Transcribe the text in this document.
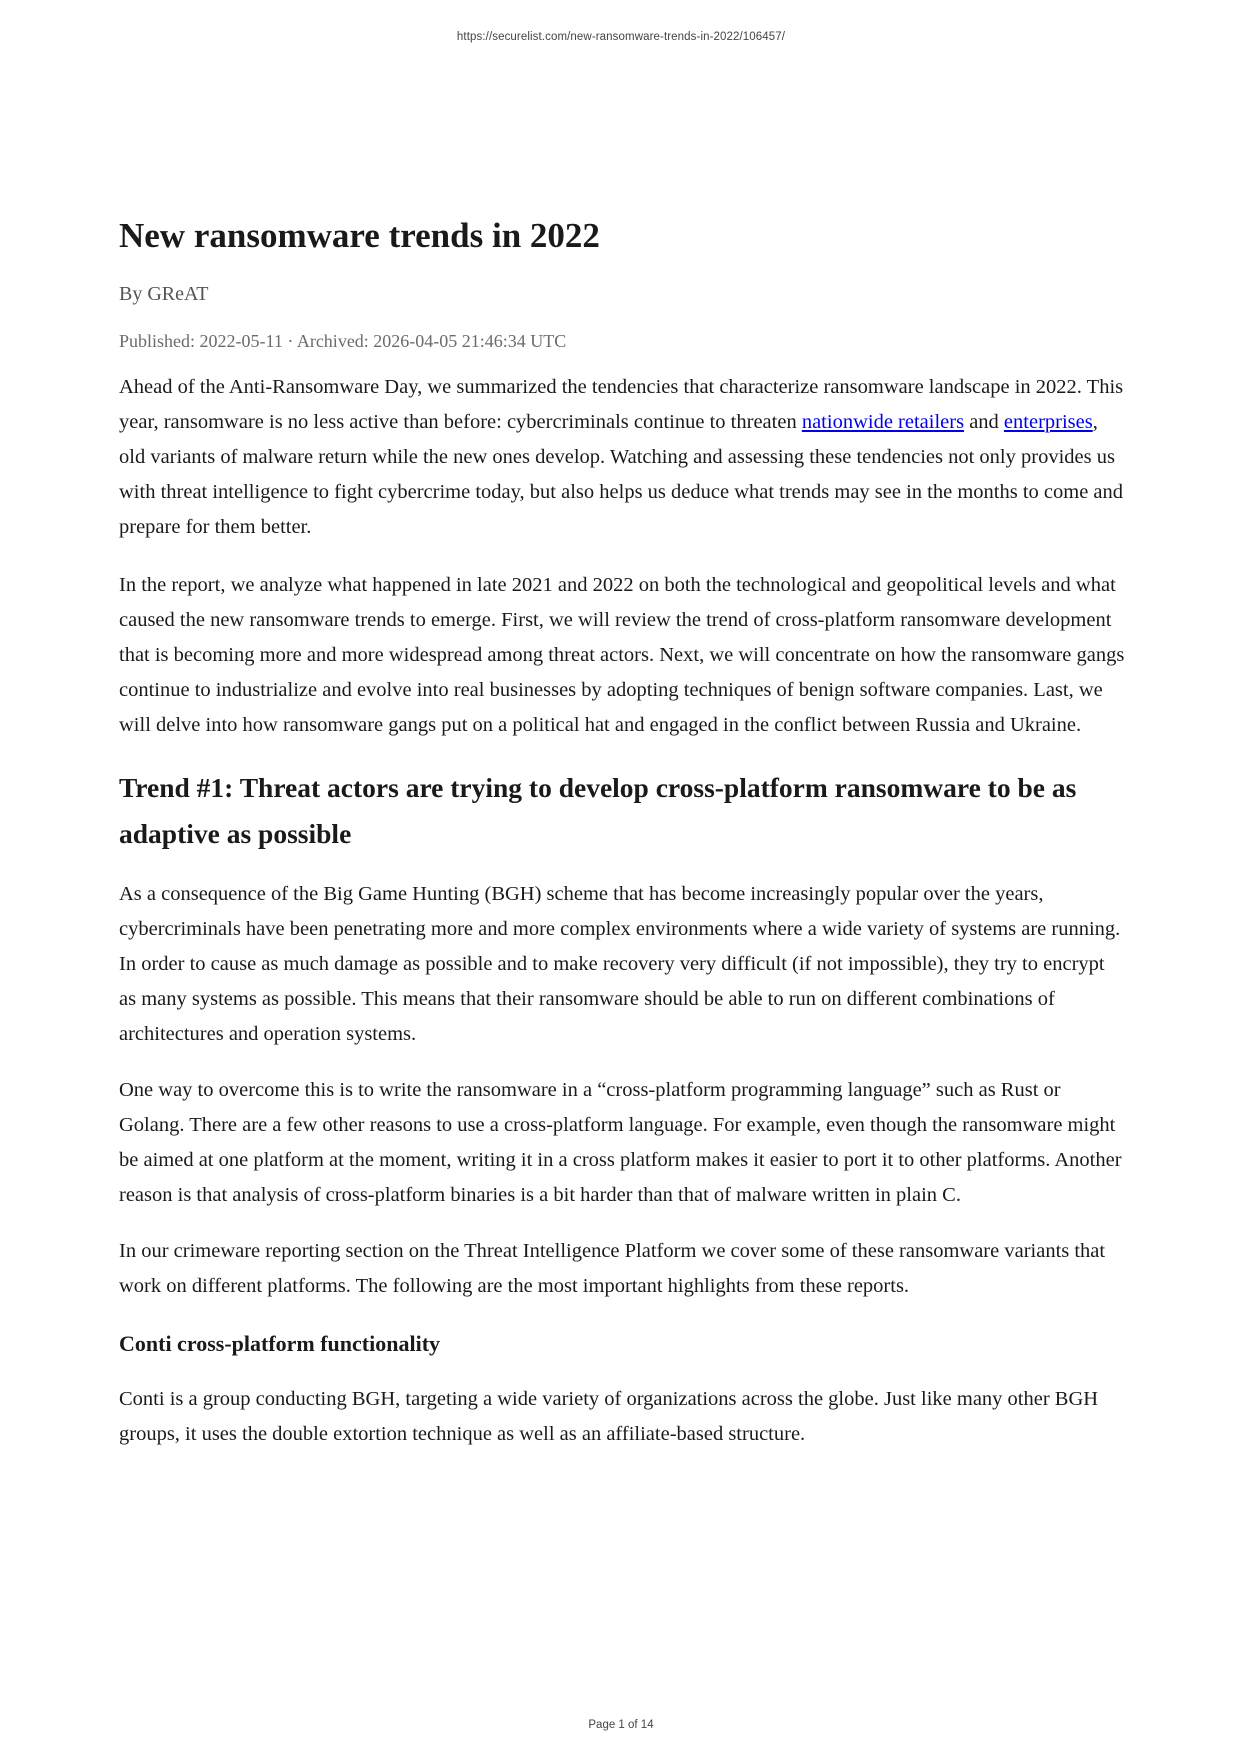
https://securelist.com/new-ransomware-trends-in-2022/106457/
New ransomware trends in 2022
By GReAT
Published: 2022-05-11 · Archived: 2026-04-05 21:46:34 UTC

Ahead of the Anti-Ransomware Day, we summarized the tendencies that characterize ransomware landscape in 2022. This year, ransomware is no less active than before: cybercriminals continue to threaten nationwide retailers and enterprises, old variants of malware return while the new ones develop. Watching and assessing these tendencies not only provides us with threat intelligence to fight cybercrime today, but also helps us deduce what trends may see in the months to come and prepare for them better.

In the report, we analyze what happened in late 2021 and 2022 on both the technological and geopolitical levels and what caused the new ransomware trends to emerge. First, we will review the trend of cross-platform ransomware development that is becoming more and more widespread among threat actors. Next, we will concentrate on how the ransomware gangs continue to industrialize and evolve into real businesses by adopting techniques of benign software companies. Last, we will delve into how ransomware gangs put on a political hat and engaged in the conflict between Russia and Ukraine.

Trend #1: Threat actors are trying to develop cross-platform ransomware to be as adaptive as possible

As a consequence of the Big Game Hunting (BGH) scheme that has become increasingly popular over the years, cybercriminals have been penetrating more and more complex environments where a wide variety of systems are running. In order to cause as much damage as possible and to make recovery very difficult (if not impossible), they try to encrypt as many systems as possible. This means that their ransomware should be able to run on different combinations of architectures and operation systems.

One way to overcome this is to write the ransomware in a “cross-platform programming language” such as Rust or Golang. There are a few other reasons to use a cross-platform language. For example, even though the ransomware might be aimed at one platform at the moment, writing it in a cross platform makes it easier to port it to other platforms. Another reason is that analysis of cross-platform binaries is a bit harder than that of malware written in plain C.

In our crimeware reporting section on the Threat Intelligence Platform we cover some of these ransomware variants that work on different platforms. The following are the most important highlights from these reports.

Conti cross-platform functionality

Conti is a group conducting BGH, targeting a wide variety of organizations across the globe. Just like many other BGH groups, it uses the double extortion technique as well as an affiliate-based structure.

Page 1 of 14
